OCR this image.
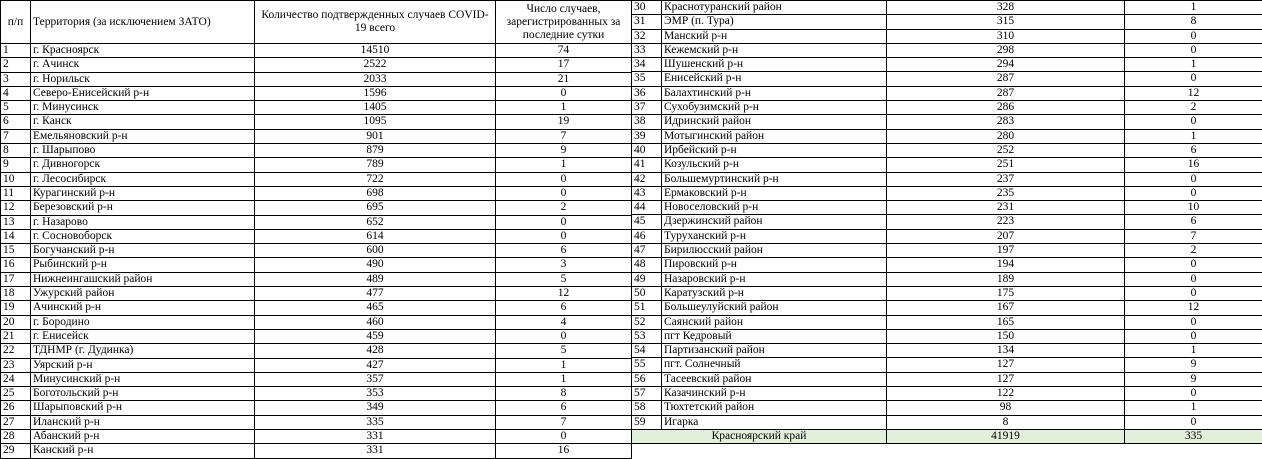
п/п	Территория (за исключением ЗАТО)	Количество подтвержденных случаев COVID-19 всего	Число случаев, зарегистрированных за последние сутки
1	г. Красноярск	14510	74
2	г. Ачинск	2522	17
3	г. Норильск	2033	21
4	Северо-Енисейский р-н	1596	0
5	г. Минусинск	1405	1
6	г. Канск	1095	19
7	Емельяновский р-н	901	7
8	г. Шарыпово	879	9
9	г. Дивногорск	789	1
10	г. Лесосибирск	722	0
11	Курагинский р-н	698	0
12	Березовский р-н	695	2
13	г. Назарово	652	0
14	г. Сосновоборск	614	0
15	Богучанский р-н	600	6
16	Рыбинский р-н	490	3
17	Нижнеингашский район	489	5
18	Ужурский район	477	12
19	Ачинский р-н	465	6
20	г. Бородино	460	4
21	г. Енисейск	459	0
22	ТДНМР (г. Дудинка)	428	5
23	Уярский р-н	427	1
24	Минусинский р-н	357	1
25	Боготольский р-н	353	8
26	Шарыповский р-н	349	6
27	Иланский р-н	335	7
28	Абанский р-н	331	0
29	Канский р-н	331	16
30	Краснотуранский район	328	1
31	ЭМР (п. Тура)	315	8
32	Манский р-н	310	0
33	Кежемский р-н	298	0
34	Шушенский р-н	294	1
35	Енисейский р-н	287	0
36	Балахтинский р-н	287	12
37	Сухобузимский р-н	286	2
38	Идринский район	283	0
39	Мотыгинский район	280	1
40	Ирбейский р-н	252	6
41	Козульский р-н	251	16
42	Большемуртинский р-н	237	0
43	Ермаковский р-н	235	0
44	Новоселовский р-н	231	10
45	Дзержинский район	223	6
46	Туруханский р-н	207	7
47	Бирилюсский район	197	2
48	Пировский р-н	194	0
49	Назаровский р-н	189	0
50	Каратузский р-н	175	0
51	Большеулуйский район	167	12
52	Саянский район	165	0
53	пгт Кедровый	150	0
54	Партизанский район	134	1
55	пгт. Солнечный	127	9
56	Тасеевский район	127	9
57	Казачинский р-н	122	0
58	Тюхтетский район	98	1
59	Игарка	8	0
Красноярский край		41919	335
